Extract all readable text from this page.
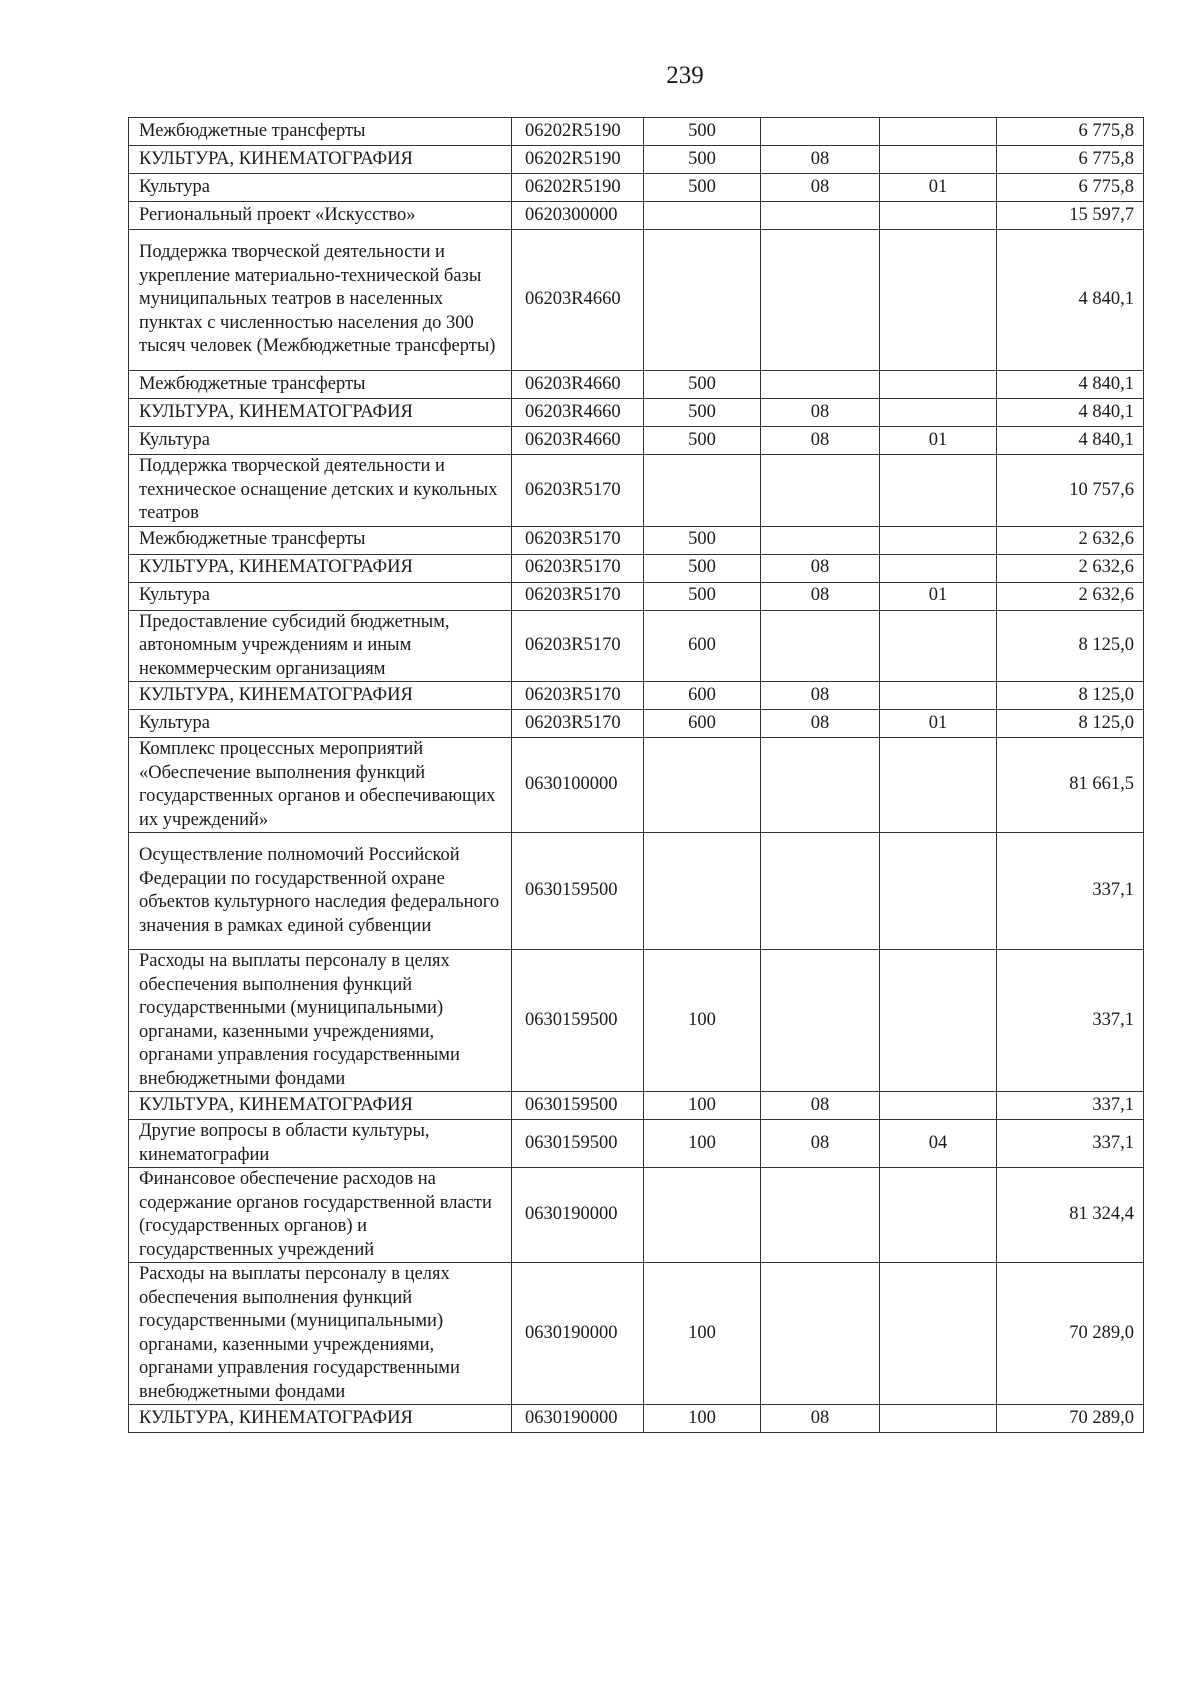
239
Межбюджетные трансферты	06202R5190	500			6 775,8
КУЛЬТУРА, КИНЕМАТОГРАФИЯ	06202R5190	500	08		6 775,8
Культура	06202R5190	500	08	01	6 775,8
Региональный проект «Искусство»	0620300000				15 597,7
Поддержка творческой деятельности и укрепление материально-технической базы муниципальных театров в населенных пунктах с численностью населения до 300 тысяч человек (Межбюджетные трансферты)	06203R4660				4 840,1
Межбюджетные трансферты	06203R4660	500			4 840,1
КУЛЬТУРА, КИНЕМАТОГРАФИЯ	06203R4660	500	08		4 840,1
Культура	06203R4660	500	08	01	4 840,1
Поддержка творческой деятельности и техническое оснащение детских и кукольных театров	06203R5170				10 757,6
Межбюджетные трансферты	06203R5170	500			2 632,6
КУЛЬТУРА, КИНЕМАТОГРАФИЯ	06203R5170	500	08		2 632,6
Культура	06203R5170	500	08	01	2 632,6
Предоставление субсидий бюджетным, автономным учреждениям и иным некоммерческим организациям	06203R5170	600			8 125,0
КУЛЬТУРА, КИНЕМАТОГРАФИЯ	06203R5170	600	08		8 125,0
Культура	06203R5170	600	08	01	8 125,0
Комплекс процессных мероприятий «Обеспечение выполнения функций государственных органов и обеспечивающих их учреждений»	0630100000				81 661,5
Осуществление полномочий Российской Федерации по государственной охране объектов культурного наследия федерального значения в рамках единой субвенции	0630159500				337,1
Расходы на выплаты персоналу в целях обеспечения выполнения функций государственными (муниципальными) органами, казенными учреждениями, органами управления государственными внебюджетными фондами	0630159500	100			337,1
КУЛЬТУРА, КИНЕМАТОГРАФИЯ	0630159500	100	08		337,1
Другие вопросы в области культуры, кинематографии	0630159500	100	08	04	337,1
Финансовое обеспечение расходов на содержание органов государственной власти (государственных органов) и государственных учреждений	0630190000				81 324,4
Расходы на выплаты персоналу в целях обеспечения выполнения функций государственными (муниципальными) органами, казенными учреждениями, органами управления государственными внебюджетными фондами	0630190000	100			70 289,0
КУЛЬТУРА, КИНЕМАТОГРАФИЯ	0630190000	100	08		70 289,0
